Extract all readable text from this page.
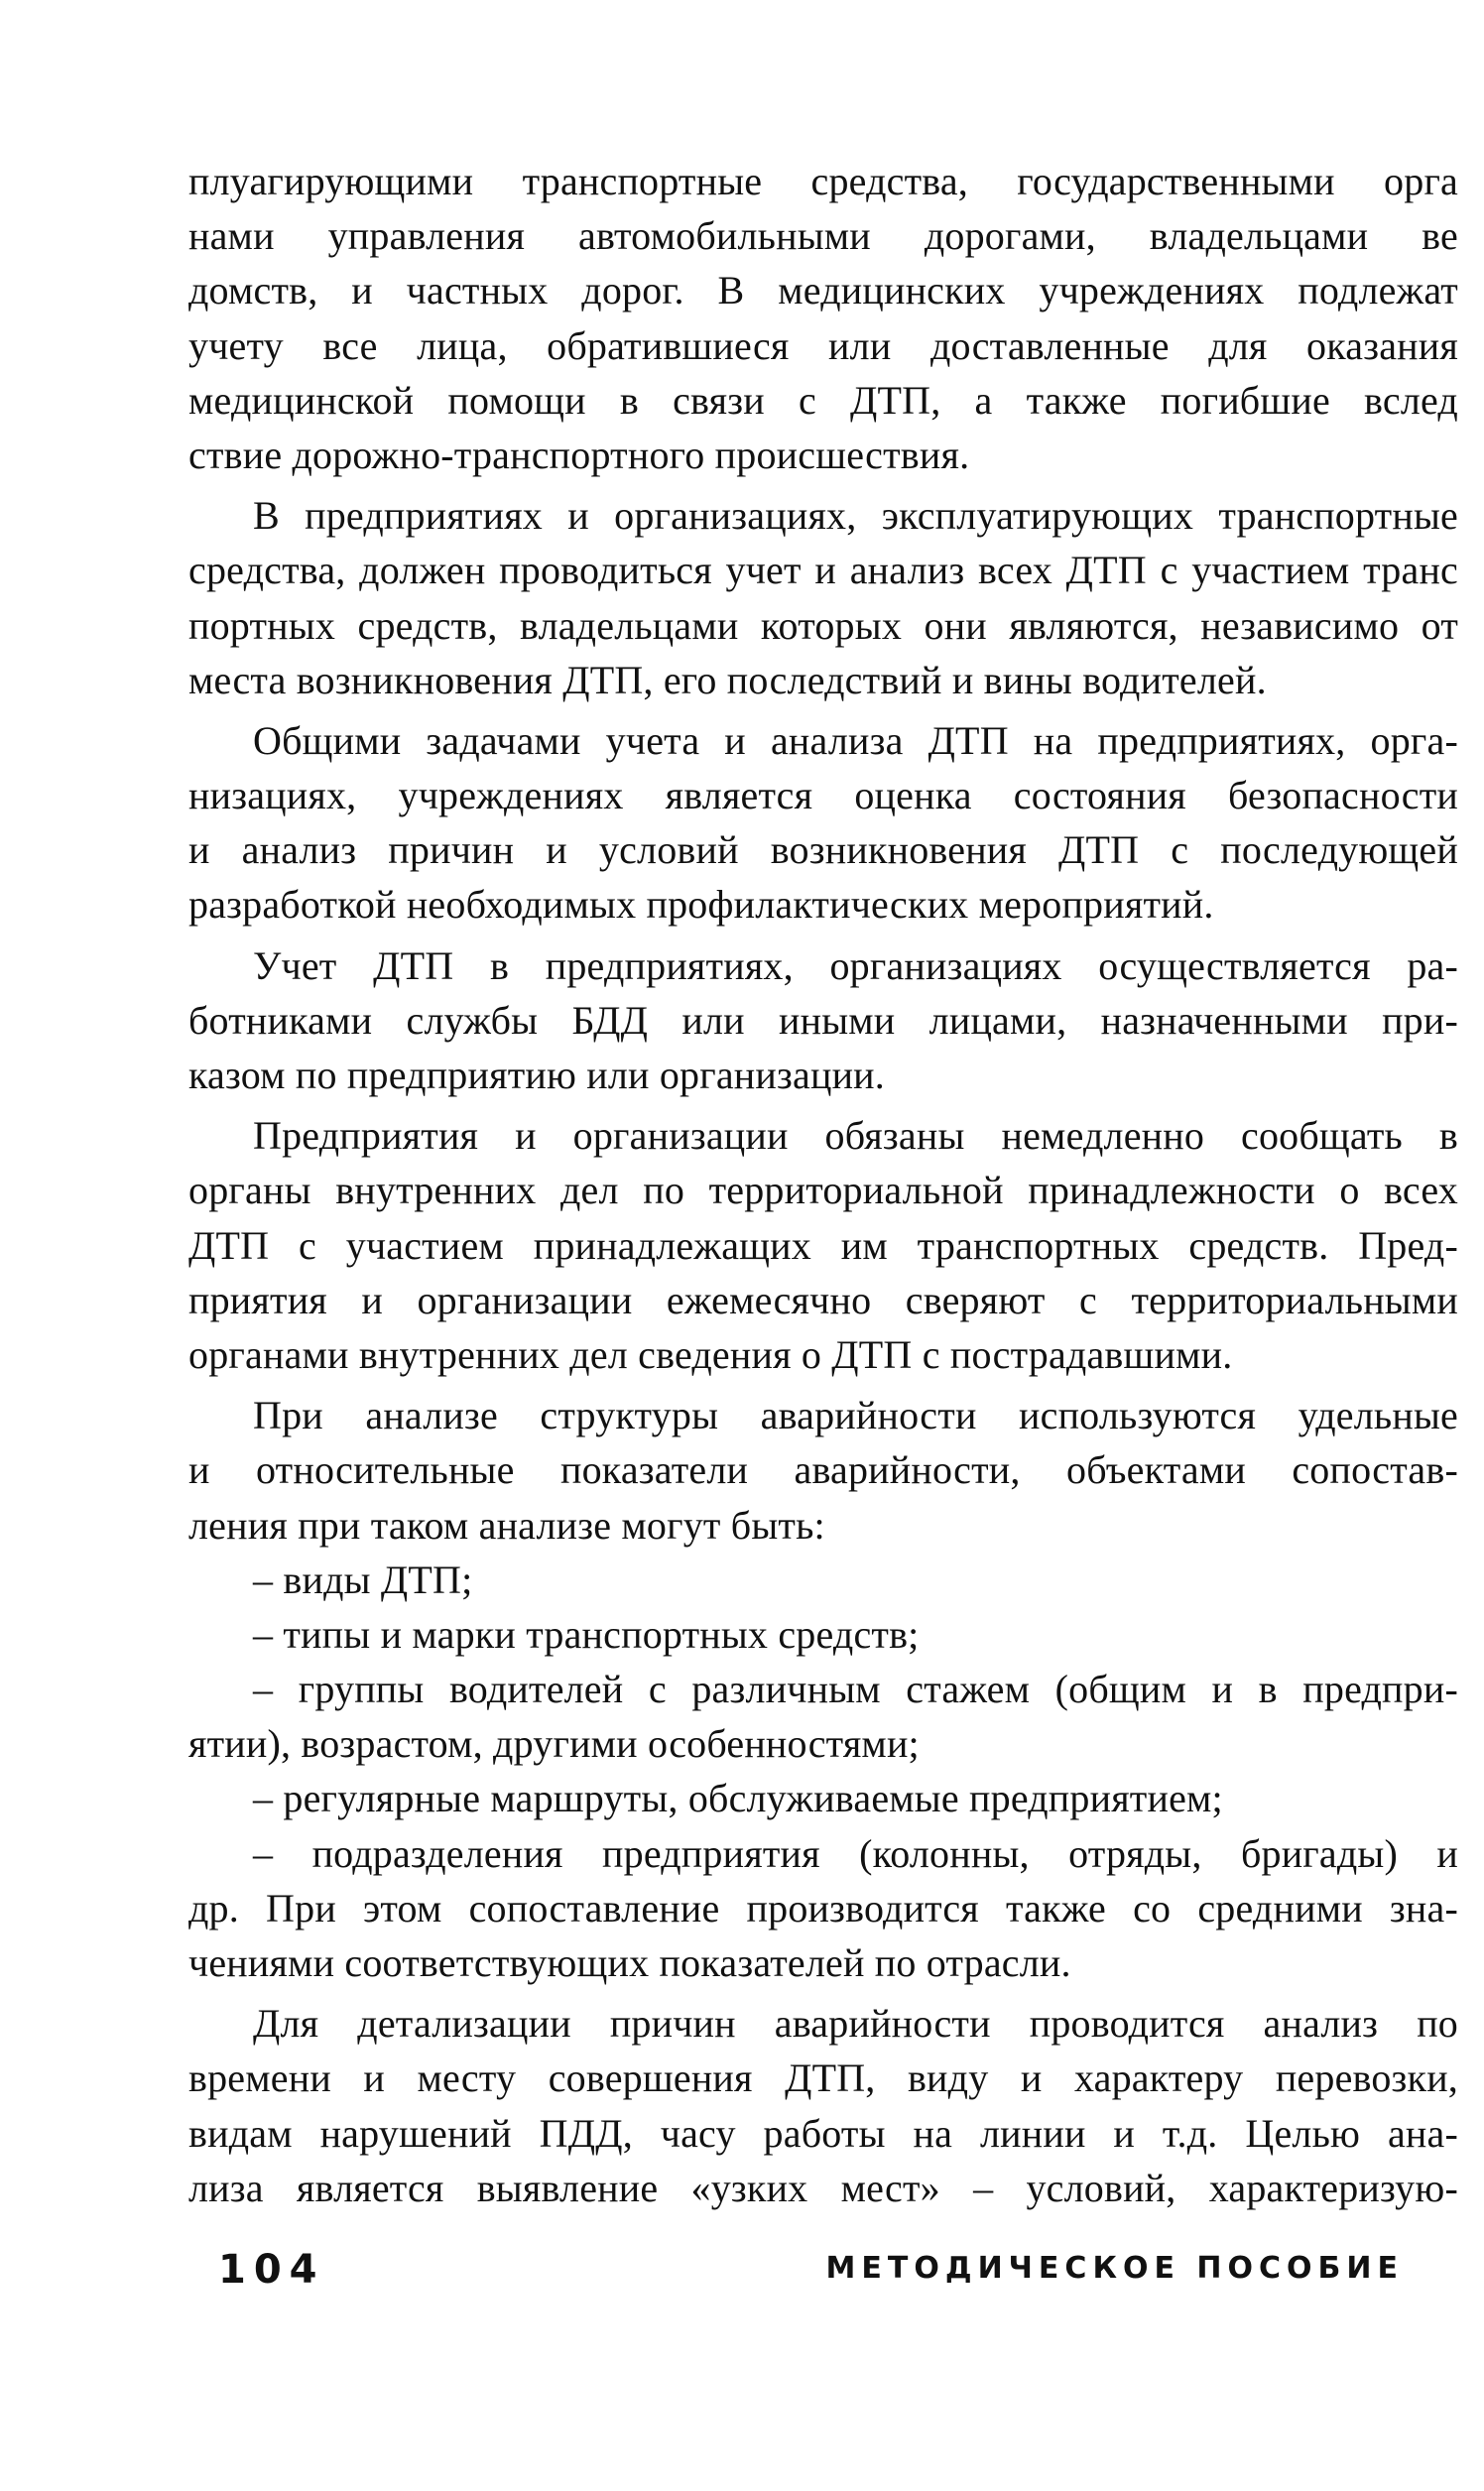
плуагирующими транспортные средства, государственными орга
нами управления автомобильными дорогами, владельцами ве
домств, и частных дорог. В медицинских учреждениях подлежат
учету все лица, обратившиеся или доставленные для оказания
медицинской помощи в связи с ДТП, а также погибшие вслед
ствие дорожно-транспортного происшествия.
В предприятиях и организациях, эксплуатирующих транспортные
средства, должен проводиться учет и анализ всех ДТП с участием транс
портных средств, владельцами которых они являются, независимо от
места возникновения ДТП, его последствий и вины водителей.
Общими задачами учета и анализа ДТП на предприятиях, орга-
низациях, учреждениях является оценка состояния безопасности
и анализ причин и условий возникновения ДТП с последующей
разработкой необходимых профилактических мероприятий.
Учет ДТП в предприятиях, организациях осуществляется ра-
ботниками службы БДД или иными лицами, назначенными при-
казом по предприятию или организации.
Предприятия и организации обязаны немедленно сообщать в
органы внутренних дел по территориальной принадлежности о всех
ДТП с участием принадлежащих им транспортных средств. Пред-
приятия и организации ежемесячно сверяют с территориальными
органами внутренних дел сведения о ДТП с пострадавшими.
При анализе структуры аварийности используются удельные
и относительные показатели аварийности, объектами сопостав-
ления при таком анализе могут быть:
– виды ДТП;
– типы и марки транспортных средств;
– группы водителей с различным стажем (общим и в предпри-
ятии), возрастом, другими особенностями;
– регулярные маршруты, обслуживаемые предприятием;
– подразделения предприятия (колонны, отряды, бригады) и
др. При этом сопоставление производится также со средними зна-
чениями соответствующих показателей по отрасли.
Для детализации причин аварийности проводится анализ по
времени и месту совершения ДТП, виду и характеру перевозки,
видам нарушений ПДД, часу работы на линии и т.д. Целью ана-
лиза является выявление «узких мест» – условий, характеризую-
104	МЕТОДИЧЕСКОЕ ПОСОБИЕ
